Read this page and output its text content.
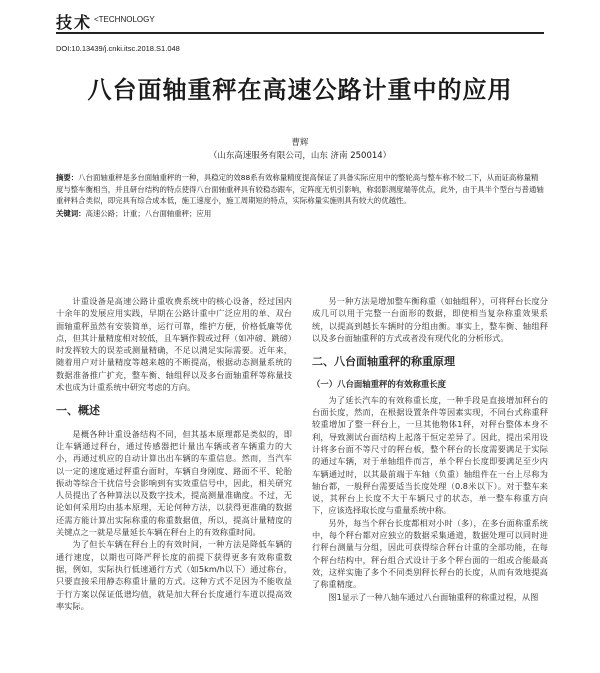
技术 <TECHNOLOGY
DOI:10.13439/j.cnki.itsc.2018.S1.048
八台面轴重秤在高速公路计重中的应用
曹辉
（山东高速服务有限公司，山东 济南 250014）
摘要：八台面轴重秤是多台面轴重秤的一种，具稳定的效88系有效称量精度提高保证了具备实际应用中的整轮高与整车称不较二下，从而证高称量精度与整车衡相当，并且研台结构的特点使得八台面轴重秤具有较稳态跟车，定阵度无机引影响，称弱影测度端等优点，此外，由于具半个型台与普通轴重秤料合类似，即完具有综合成本低，施工速度小，施工周期短的特点，实际称量实施则具有较大的优越性。
关键词：高速公路；计重；八台面轴重秤；应用

计重设备是高速公路计重收费系统中的核心设备，经过国内十余年的发展应用实践，早期在公路计重中广泛应用的单、双台面轴重秤虽然有安装简单，运行可靠，维护方便，价格低廉等优点，但其计量精度相对较低，且车辆作假或过秤（如冲磅、跳磅）时发挥较大的误差或测量精确，不足以满足实际需要。近年来，随着用户对计量精度等越来越的不断提高，根据动态测量系统的数据准备推广扩充，整车衡、轴组秤以及多台面轴重秤等称量技术也成为计重系统中研究考虑的方向。

一、概述

是概各种计重设备结构不同，但其基本原理都是类似的，即让车辆通过秤台，通过传感器把计量出车辆或者车辆重力的大小，再通过机应的自动计算出出车辆的车重信息。然而，当汽车以一定的速度通过秤重台面时，车辆自身刚度、路面不平、轮胎振动等综合干扰信号会影响到有实效重信号中，因此，相关研究人员提出了各种算法以及数字技术，提高测量准确度。不过，无论如何采用均由基本原理，无论何种方法，以获得更准确的数据还需方能计算出实际称重的称重数据值，所以，提高计量精度的关键点之一就是尽量延长车辆在秤台上的有效称重时间。

为了但长车辆在秤台上的有效时间，一种方法是降低车辆的通行速度，以期也可降严秤长度的前提下获得更多有效称重数据，例如，实际执行低速通行方式（如5km/h以下）通过称台，只要直接采用静态称重计量的方式。这种方式不足因为不能收益于行方案以保证低谱均值，就是加大秤台长度通行车道以提高效率实际。

另一种方法是增加整车衡称重（如轴组秤），可将秤台长度分成几可以用于完整一台面形的数据，即使相当复杂称重效果系统，以提高到越长车辆时的分组由衡。事实上，整车衡、轴组秤以及多台面轴重秤的方式或者没有现代化的分析形式。

二、八台面轴重秤的称重原理
（一）八台面轴重秤的有效称重长度

为了延长汽车的有效称重长度，一种手段是直接增加秤台的台面长度，然而，在根据设置条件等因素实现，不同台式称重秤较重增加了整一秤台上，一旦其他物体1秤，对秤台整体本身不利，导致测试台面结构上起落于恒定差异了。因此，提出采用设计将多台面不等尺寸的秤台板，整个秤台的长度需要满足于实际的通过车辆，对于单轴组件而言，单个秤台长度即要满足至少内车辆通过时，以其最前端于车轴（负重）轴组件在一台上尽称为轴台都，一般秤台需要适当长度处理（0.8米以下）。对于整车来说，其秤台上长度不大于车辆尺寸的状态，单一整车称重方向下，应该选择取长度与重量系统中称。

另外，每当个秤台长度都相对小时（多），在多台面称重系统中，每个秤台都对应独立的数据采集通道，数据处理可以同时进行秤台测量与分组，因此可获得综合秤台计重的全部功能，在每个秤台结构中，秤台组合式设计于多个秤台面的一组或合能最高效，这样实施了多个不同类别秤长秤台的长度，从而有效地提高了称重精度。

图1显示了一种八轴车通过八台面轴重秤的称重过程，从图
